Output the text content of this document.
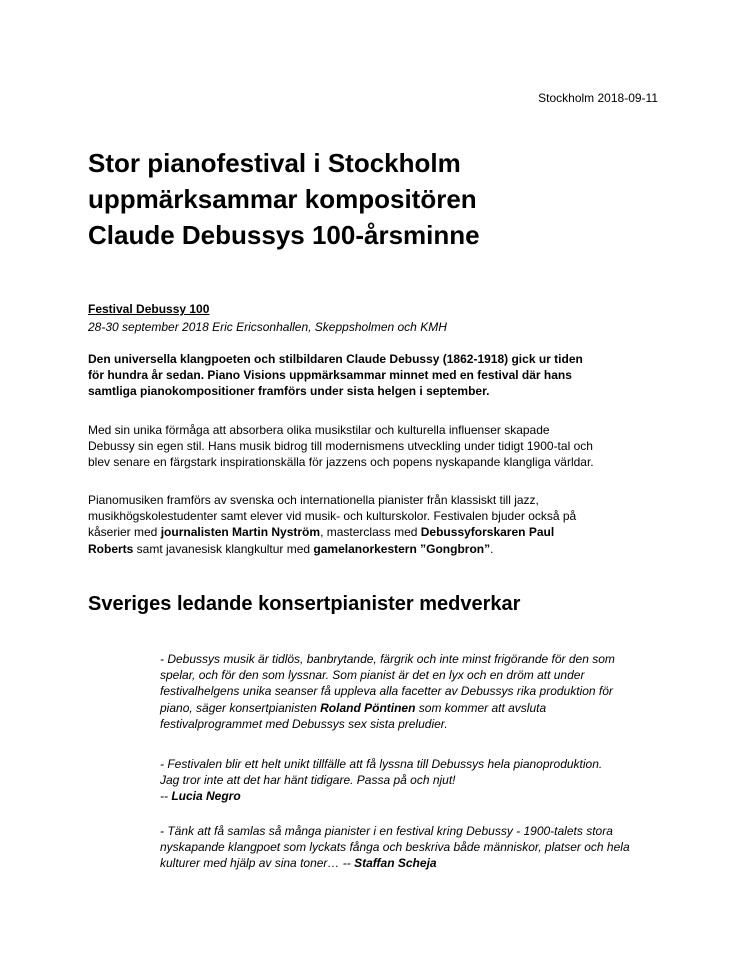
Stockholm 2018-09-11
Stor pianofestival i Stockholm
uppmärksammar kompositören
Claude Debussys 100-årsminne
Festival Debussy 100
28-30 september 2018 Eric Ericsonhallen, Skeppsholmen och KMH

Den universella klangpoeten och stilbildaren Claude Debussy (1862-1918) gick ur tiden
för hundra år sedan. Piano Visions uppmärksammar minnet med en festival där hans
samtliga pianokompositioner framförs under sista helgen i september.

Med sin unika förmåga att absorbera olika musikstilar och kulturella influenser skapade
Debussy sin egen stil. Hans musik bidrog till modernismens utveckling under tidigt 1900-tal och
blev senare en färgstark inspirationskälla för jazzens och popens nyskapande klangliga världar.

Pianomusiken framförs av svenska och internationella pianister från klassiskt till jazz,
musikhögskolestudenter samt elever vid musik- och kulturskolor. Festivalen bjuder också på
kåserier med journalisten Martin Nyström, masterclass med Debussyforskaren Paul
Roberts samt javanesisk klangkultur med gamelanorkestern ”Gongbron”.

Sveriges ledande konsertpianister medverkar

- Debussys musik är tidlös, banbrytande, färgrik och inte minst frigörande för den som
spelar, och för den som lyssnar. Som pianist är det en lyx och en dröm att under
festivalhelgens unika seanser få uppleva alla facetter av Debussys rika produktion för
piano, säger konsertpianisten Roland Pöntinen som kommer att avsluta
festivalprogrammet med Debussys sex sista preludier.

- Festivalen blir ett helt unikt tillfälle att få lyssna till Debussys hela pianoproduktion.
Jag tror inte att det har hänt tidigare. Passa på och njut!
-- Lucia Negro

- Tänk att få samlas så många pianister i en festival kring Debussy - 1900-talets stora
nyskapande klangpoet som lyckats fånga och beskriva både människor, platser och hela
kulturer med hjälp av sina toner… -- Staffan Scheja
